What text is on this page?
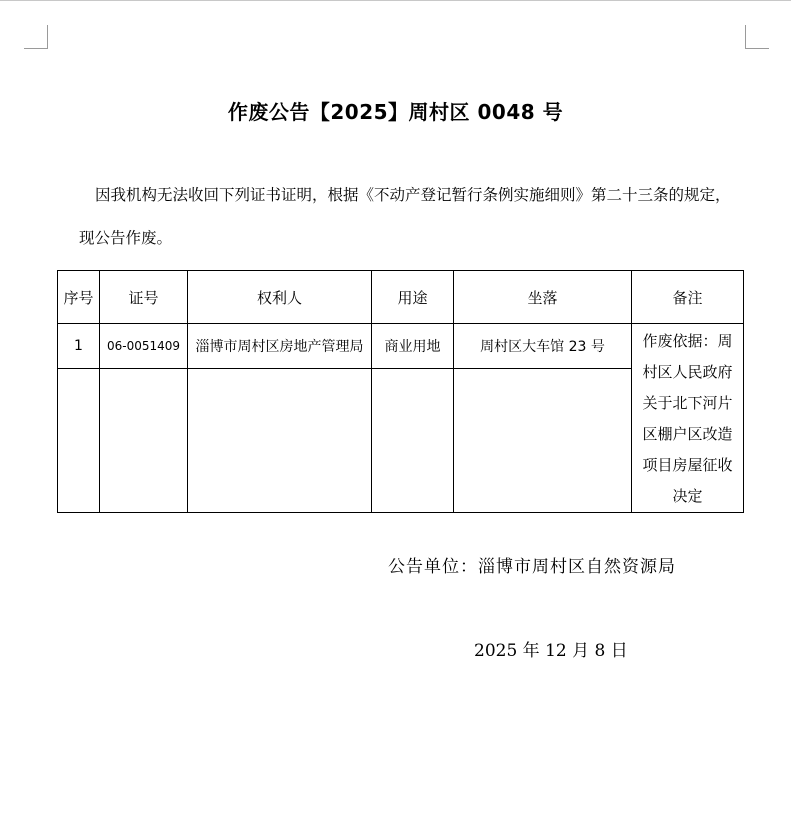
作废公告【2025】周村区 0048 号
因我机构无法收回下列证书证明，根据《不动产登记暂行条例实施细则》第二十三条的规定，
现公告作废。
序号	证号	权利人	用途	坐落	备注
1	06-0051409	淄博市周村区房地产管理局	商业用地	周村区大车馆 23 号	作废依据：周村区人民政府关于北下河片区棚户区改造项目房屋征收决定

公告单位：淄博市周村区自然资源局
2025 年 12 月 8 日
